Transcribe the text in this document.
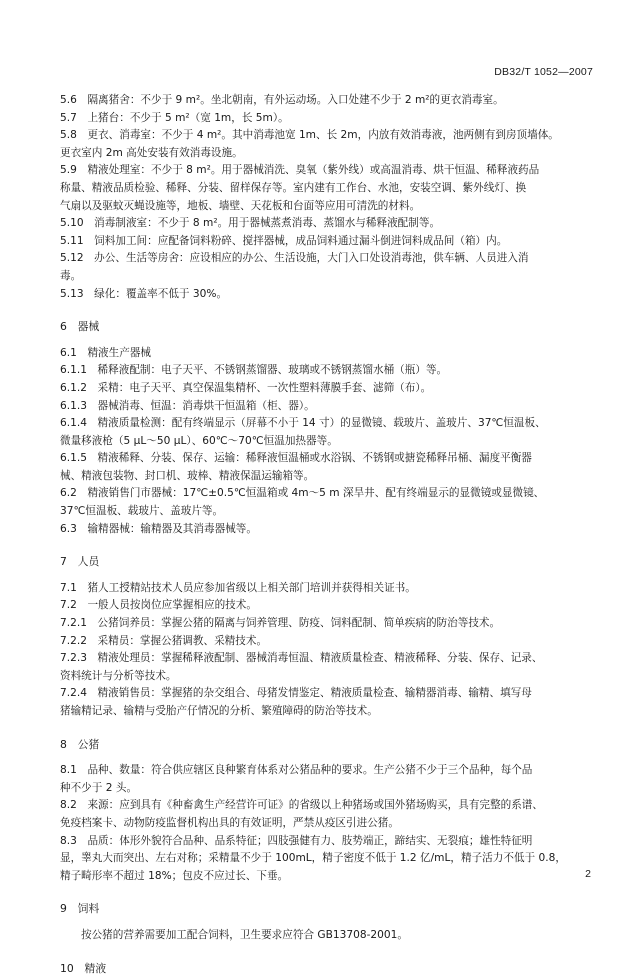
DB32/T 1052—2007
5.6　隔离猪舍：不少于 9 m²。坐北朝南，有外运动场。入口处建不少于 2 m²的更衣消毒室。
5.7　上猪台：不少于 5 m²（宽 1m，长 5m）。
5.8　更衣、消毒室：不少于 4 m²。其中消毒池宽 1m、长 2m，内放有效消毒液，池两侧有到房顶墙体。
更衣室内 2m 高处安装有效消毒设施。
5.9　精液处理室：不少于 8 m²。用于器械消洗、臭氧（紫外线）或高温消毒、烘干恒温、稀释液药品
称量、精液品质检验、稀释、分装、留样保存等。室内建有工作台、水池，安装空调、紫外线灯、换
气扇以及驱蚊灭蝇设施等，地板、墙壁、天花板和台面等应用可清洗的材料。
5.10　消毒制液室：不少于 8 m²。用于器械蒸煮消毒、蒸馏水与稀释液配制等。
5.11　饲料加工间：应配备饲料粉碎、搅拌器械，成品饲料通过漏斗倒进饲料成品间（箱）内。
5.12　办公、生活等房舍：应设相应的办公、生活设施，大门入口处设消毒池，供车辆、人员进入消
毒。
5.13　绿化：覆盖率不低于 30%。
6　器械
6.1　精液生产器械
6.1.1　稀释液配制：电子天平、不锈钢蒸馏器、玻璃或不锈钢蒸馏水桶（瓶）等。
6.1.2　采精：电子天平、真空保温集精杯、一次性塑料薄膜手套、滤筛（布）。
6.1.3　器械消毒、恒温：消毒烘干恒温箱（柜、器）。
6.1.4　精液质量检测：配有终端显示（屏幕不小于 14 寸）的显微镜、载玻片、盖玻片、37℃恒温板、
微量移液枪（5 μL～50 μL）、60℃～70℃恒温加热器等。
6.1.5　精液稀释、分装、保存、运输：稀释液恒温桶或水浴锅、不锈钢或搪瓷稀释吊桶、漏度平衡器
械、精液包装物、封口机、玻棒、精液保温运输箱等。
6.2　精液销售门市器械：17℃±0.5℃恒温箱或 4m～5 m 深旱井、配有终端显示的显微镜或显微镜、
37℃恒温板、载玻片、盖玻片等。
6.3　输精器械：输精器及其消毒器械等。
7　人员
7.1　猪人工授精站技术人员应参加省级以上相关部门培训并获得相关证书。
7.2　一般人员按岗位应掌握相应的技术。
7.2.1　公猪饲养员：掌握公猪的隔离与饲养管理、防疫、饲料配制、简单疾病的防治等技术。
7.2.2　采精员：掌握公猪调教、采精技术。
7.2.3　精液处理员：掌握稀释液配制、器械消毒恒温、精液质量检查、精液稀释、分装、保存、记录、
资料统计与分析等技术。
7.2.4　精液销售员：掌握猪的杂交组合、母猪发情鉴定、精液质量检查、输精器消毒、输精、填写母
猪输精记录、输精与受胎产仔情况的分析、繁殖障碍的防治等技术。
8　公猪
8.1　品种、数量：符合供应辖区良种繁育体系对公猪品种的要求。生产公猪不少于三个品种，每个品
种不少于 2 头。
8.2　来源：应到具有《种畜禽生产经营许可证》的省级以上种猪场或国外猪场购买，具有完整的系谱、
免疫档案卡、动物防疫监督机构出具的有效证明，严禁从疫区引进公猪。
8.3　品质：体形外貌符合品种、品系特征；四肢强健有力、肢势端正，蹄结实、无裂痕；雄性特征明
显，睾丸大而突出、左右对称；采精量不少于 100mL，精子密度不低于 1.2 亿/mL，精子活力不低于 0.8，
精子畸形率不超过 18%；包皮不应过长、下垂。
9　饲料
按公猪的营养需要加工配合饲料，卫生要求应符合 GB13708-2001。
10　精液
2
